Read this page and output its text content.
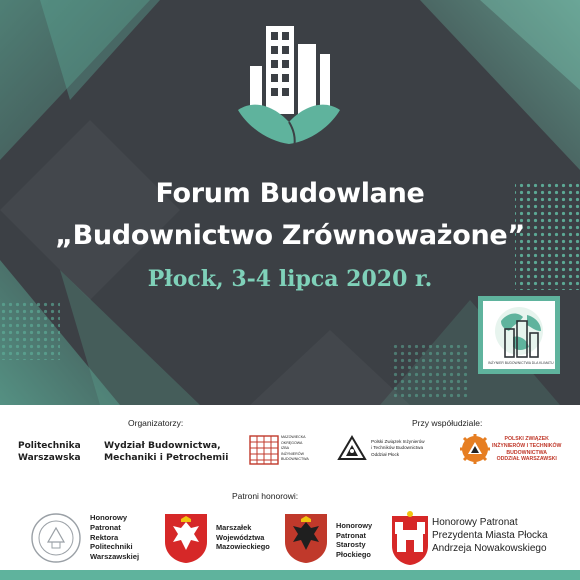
Forum Budowlane
„Budownictwo Zrównoważone”
Płock, 3-4 lipca 2020 r.
INŻYNIER BUDOWNICTWA DLA KLIMATU
Organizatorzy:	Przy współudziale:
Politechnika
Warszawska
Wydział Budownictwa,
Mechaniki i Petrochemii
MAZOWIECKA
OKRĘGOWA
IZBA
INŻYNIERÓW
BUDOWNICTWA
Polski Związek Inżynierów
i Techników Budownictwa
Oddział Płock
POLSKI ZWIĄZEK
INŻYNIERÓW I TECHNIKÓW
BUDOWNICTWA
ODDZIAŁ WARSZAWSKI
Patroni honorowi:
Honorowy
Patronat
Rektora
Politechniki
Warszawskiej
Marszałek
Województwa
Mazowieckiego
Honorowy
Patronat
Starosty
Płockiego
Honorowy Patronat
Prezydenta Miasta Płocka
Andrzeja Nowakowskiego
